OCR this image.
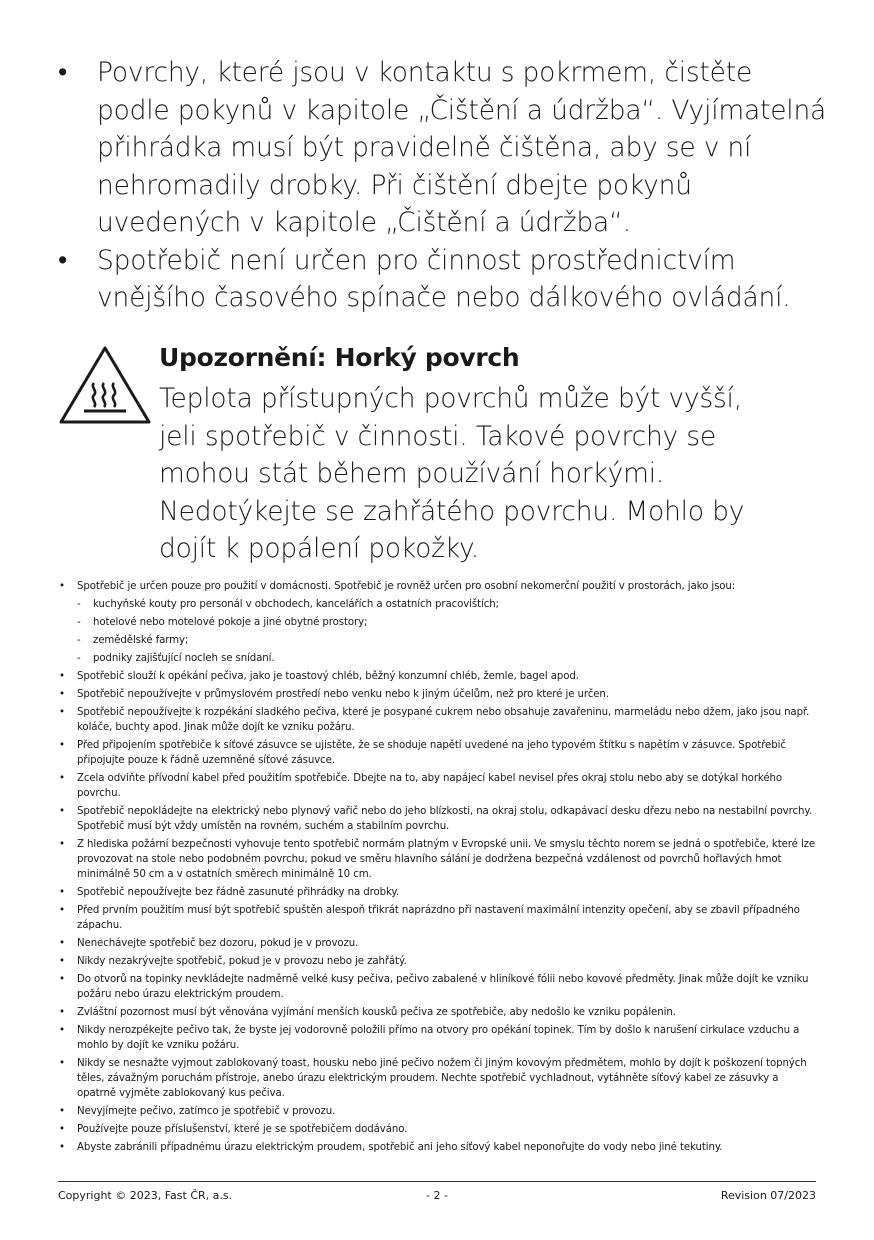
• Povrchy, které jsou v kontaktu s pokrmem, čistěte podle pokynů v kapitole „Čištění a údržba“. Vyjímatelná přihrádka musí být pravidelně čištěna, aby se v ní nehromadily drobky. Při čištění dbejte pokynů uvedených v kapitole „Čištění a údržba“.
• Spotřebič není určen pro činnost prostřednictvím vnějšího časového spínače nebo dálkového ovládání.
Upozornění: Horký povrch
Teplota přístupných povrchů může být vyšší, jeli spotřebič v činnosti. Takové povrchy se mohou stát během používání horkými. Nedotýkejte se zahřátého povrchu. Mohlo by dojít k popálení pokožky.
• Spotřebič je určen pouze pro použití v domácnosti. Spotřebič je rovněž určen pro osobní nekomerční použití v prostorách, jako jsou:
- kuchyňské kouty pro personál v obchodech, kancelářích a ostatních pracovištích;
- hotelové nebo motelové pokoje a jiné obytné prostory;
- zemědělské farmy;
- podniky zajišťující nocleh se snídaní.
• Spotřebič slouží k opékání pečiva, jako je toastový chléb, běžný konzumní chléb, žemle, bagel apod.
• Spotřebič nepoužívejte v průmyslovém prostředí nebo venku nebo k jiným účelům, než pro které je určen.
• Spotřebič nepoužívejte k rozpékání sladkého pečiva, které je posypané cukrem nebo obsahuje zavařeninu, marmeládu nebo džem, jako jsou např. koláče, buchty apod. Jinak může dojít ke vzniku požáru.
• Před připojením spotřebiče k síťové zásuvce se ujistěte, že se shoduje napětí uvedené na jeho typovém štítku s napětím v zásuvce. Spotřebič připojujte pouze k řádně uzemněné síťové zásuvce.
• Zcela odviňte přívodní kabel před použitím spotřebiče. Dbejte na to, aby napájecí kabel nevisel přes okraj stolu nebo aby se dotýkal horkého povrchu.
• Spotřebič nepokládejte na elektrický nebo plynový vařič nebo do jeho blízkosti, na okraj stolu, odkapávací desku dřezu nebo na nestabilní povrchy. Spotřebič musí být vždy umístěn na rovném, suchém a stabilním povrchu.
• Z hlediska požární bezpečnosti vyhovuje tento spotřebič normám platným v Evropské unii. Ve smyslu těchto norem se jedná o spotřebiče, které lze provozovat na stole nebo podobném povrchu, pokud ve směru hlavního sálání je dodržena bezpečná vzdálenost od povrchů hořlavých hmot minimálně 50 cm a v ostatních směrech minimálně 10 cm.
• Spotřebič nepoužívejte bez řádně zasunuté přihrádky na drobky.
• Před prvním použitím musí být spotřebič spuštěn alespoň třikrát naprázdno při nastavení maximální intenzity opečení, aby se zbavil případného zápachu.
• Nenechávejte spotřebič bez dozoru, pokud je v provozu.
• Nikdy nezakrývejte spotřebič, pokud je v provozu nebo je zahřátý.
• Do otvorů na topinky nevkládejte nadměrně velké kusy pečiva, pečivo zabalené v hliníkové fólii nebo kovové předměty. Jinak může dojít ke vzniku požáru nebo úrazu elektrickým proudem.
• Zvláštní pozornost musí být věnována vyjímání menších kousků pečiva ze spotřebiče, aby nedošlo ke vzniku popálenin.
• Nikdy nerozpékejte pečivo tak, že byste jej vodorovně položili přímo na otvory pro opékání topinek. Tím by došlo k narušení cirkulace vzduchu a mohlo by dojít ke vzniku požáru.
• Nikdy se nesnažte vyjmout zablokovaný toast, housku nebo jiné pečivo nožem či jiným kovovým předmětem, mohlo by dojít k poškození topných těles, závažným poruchám přístroje, anebo úrazu elektrickým proudem. Nechte spotřebič vychladnout, vytáhněte síťový kabel ze zásuvky a opatrně vyjměte zablokovaný kus pečiva.
• Nevyjímejte pečivo, zatímco je spotřebič v provozu.
• Používejte pouze příslušenství, které je se spotřebičem dodáváno.
• Abyste zabránili případnému úrazu elektrickým proudem, spotřebič ani jeho síťový kabel neponořujte do vody nebo jiné tekutiny.
Copyright © 2023, Fast ČR, a.s.	- 2 -	Revision 07/2023
